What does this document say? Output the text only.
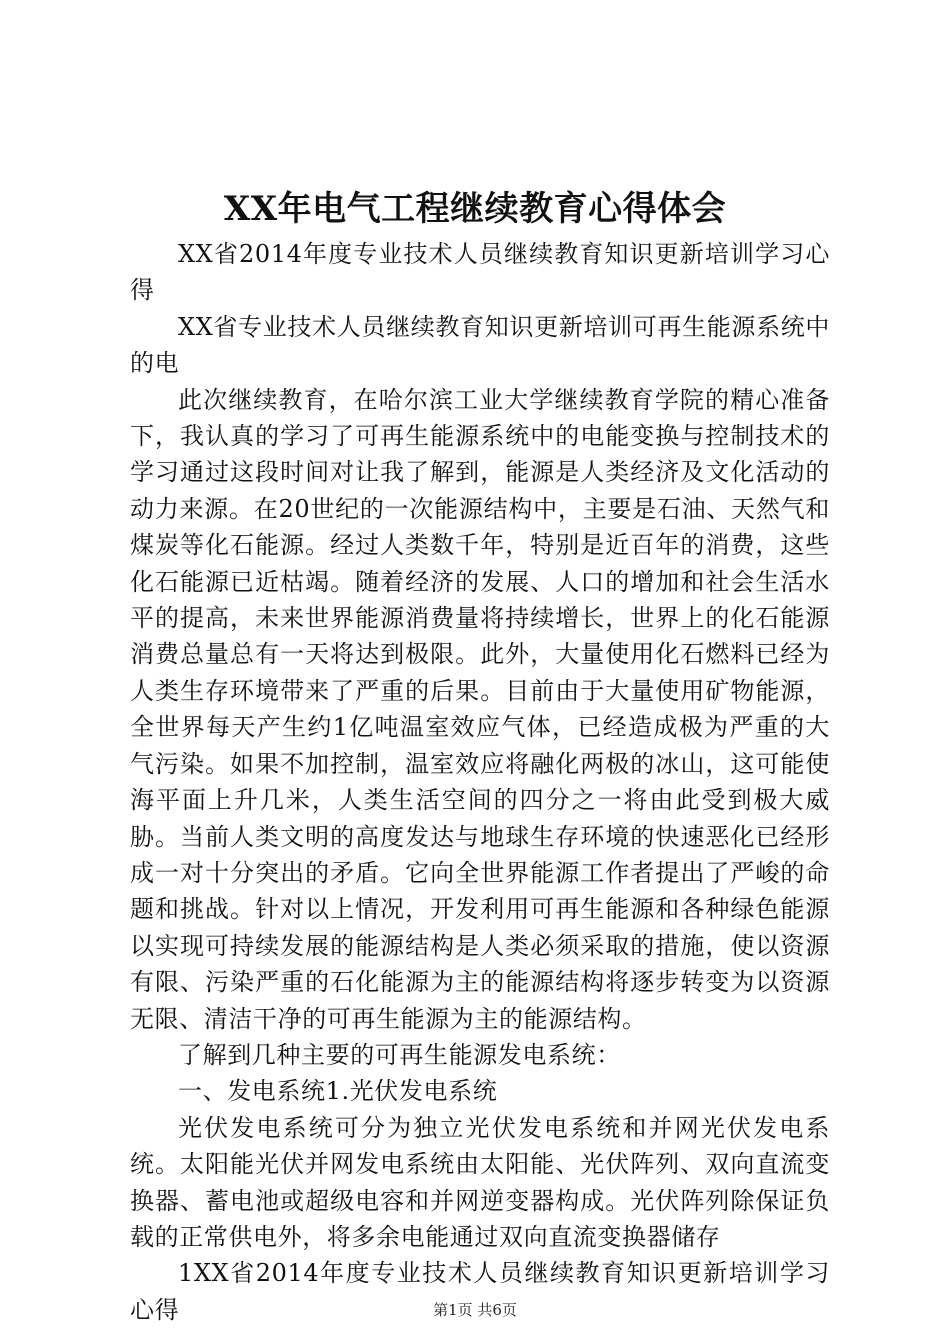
XX年电气工程继续教育心得体会

XX省2014年度专业技术人员继续教育知识更新培训学习心得

XX省专业技术人员继续教育知识更新培训可再生能源系统中的电

此次继续教育，在哈尔滨工业大学继续教育学院的精心准备下，我认真的学习了可再生能源系统中的电能变换与控制技术的学习通过这段时间对让我了解到，能源是人类经济及文化活动的动力来源。在20世纪的一次能源结构中，主要是石油、天然气和煤炭等化石能源。经过人类数千年，特别是近百年的消费，这些化石能源已近枯竭。随着经济的发展、人口的增加和社会生活水平的提高，未来世界能源消费量将持续增长，世界上的化石能源消费总量总有一天将达到极限。此外，大量使用化石燃料已经为人类生存环境带来了严重的后果。目前由于大量使用矿物能源，全世界每天产生约1亿吨温室效应气体，已经造成极为严重的大气污染。如果不加控制，温室效应将融化两极的冰山，这可能使海平面上升几米，人类生活空间的四分之一将由此受到极大威胁。当前人类文明的高度发达与地球生存环境的快速恶化已经形成一对十分突出的矛盾。它向全世界能源工作者提出了严峻的命题和挑战。针对以上情况，开发利用可再生能源和各种绿色能源以实现可持续发展的能源结构是人类必须采取的措施，使以资源有限、污染严重的石化能源为主的能源结构将逐步转变为以资源无限、清洁干净的可再生能源为主的能源结构。

了解到几种主要的可再生能源发电系统：

一、发电系统1.光伏发电系统

光伏发电系统可分为独立光伏发电系统和并网光伏发电系统。太阳能光伏并网发电系统由太阳能、光伏阵列、双向直流变换器、蓄电池或超级电容和并网逆变器构成。光伏阵列除保证负载的正常供电外，将多余电能通过双向直流变换器储存

1XX省2014年度专业技术人员继续教育知识更新培训学习心得	第1页 共6页
